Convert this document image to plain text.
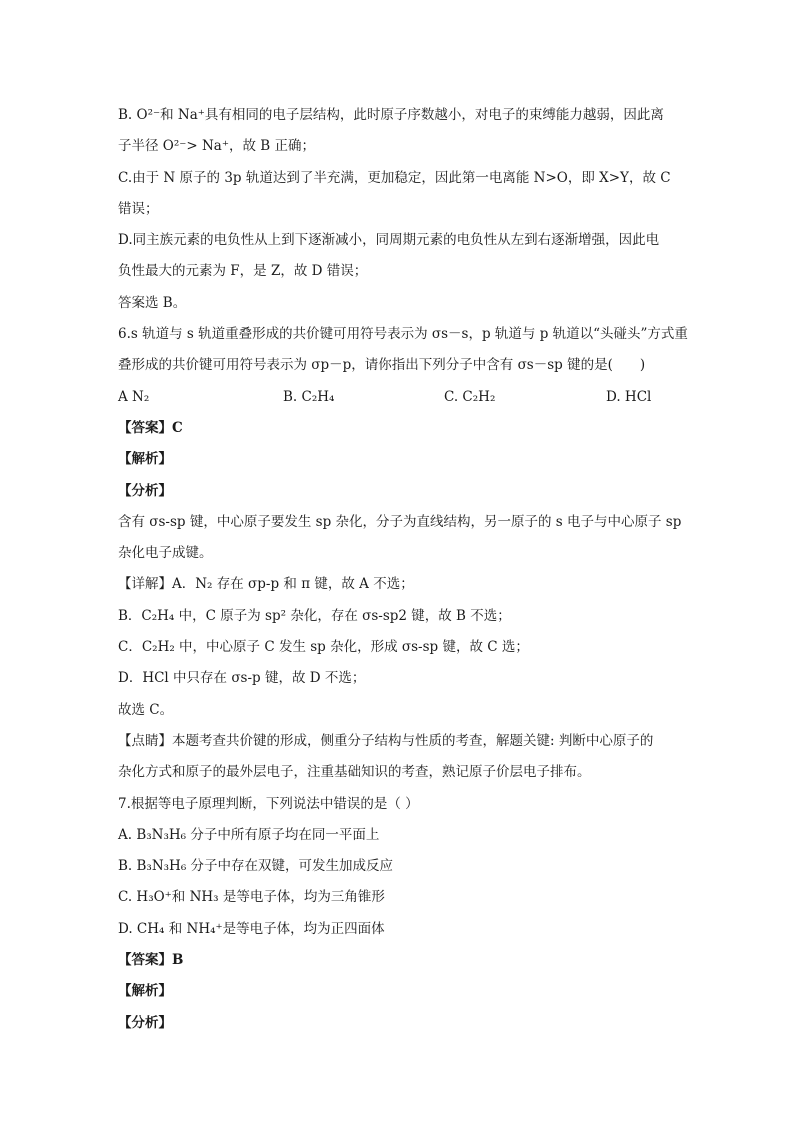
B. O²⁻和 Na⁺具有相同的电子层结构，此时原子序数越小，对电子的束缚能力越弱，因此离
子半径 O²⁻> Na⁺，故 B 正确；
C.由于 N 原子的 3p 轨道达到了半充满，更加稳定，因此第一电离能 N>O，即 X>Y，故 C
错误；
D.同主族元素的电负性从上到下逐渐减小，同周期元素的电负性从左到右逐渐增强，因此电
负性最大的元素为 F，是 Z，故 D 错误；
答案选 B。
6.s 轨道与 s 轨道重叠形成的共价键可用符号表示为 σs－s，p 轨道与 p 轨道以“头碰头”方式重
叠形成的共价键可用符号表示为 σp－p，请你指出下列分子中含有 σs－sp 键的是(　　)
A N₂	B. C₂H₄	C. C₂H₂	D. HCl
【答案】C
【解析】
【分析】
含有 σs-sp 键，中心原子要发生 sp 杂化，分子为直线结构，另一原子的 s 电子与中心原子 sp
杂化电子成键。
【详解】A．N₂ 存在 σp-p 和 π 键，故 A 不选；
B．C₂H₄ 中，C 原子为 sp² 杂化，存在 σs-sp2 键，故 B 不选；
C．C₂H₂ 中，中心原子 C 发生 sp 杂化，形成 σs-sp 键，故 C 选；
D．HCl 中只存在 σs-p 键，故 D 不选；
故选 C。
【点睛】本题考查共价键的形成，侧重分子结构与性质的考查，解题关键: 判断中心原子的
杂化方式和原子的最外层电子，注重基础知识的考查，熟记原子价层电子排布。
7.根据等电子原理判断，下列说法中错误的是（ ）
A. B₃N₃H₆ 分子中所有原子均在同一平面上
B. B₃N₃H₆ 分子中存在双键，可发生加成反应
C. H₃O⁺和 NH₃ 是等电子体，均为三角锥形
D. CH₄ 和 NH₄⁺是等电子体，均为正四面体
【答案】B
【解析】
【分析】
